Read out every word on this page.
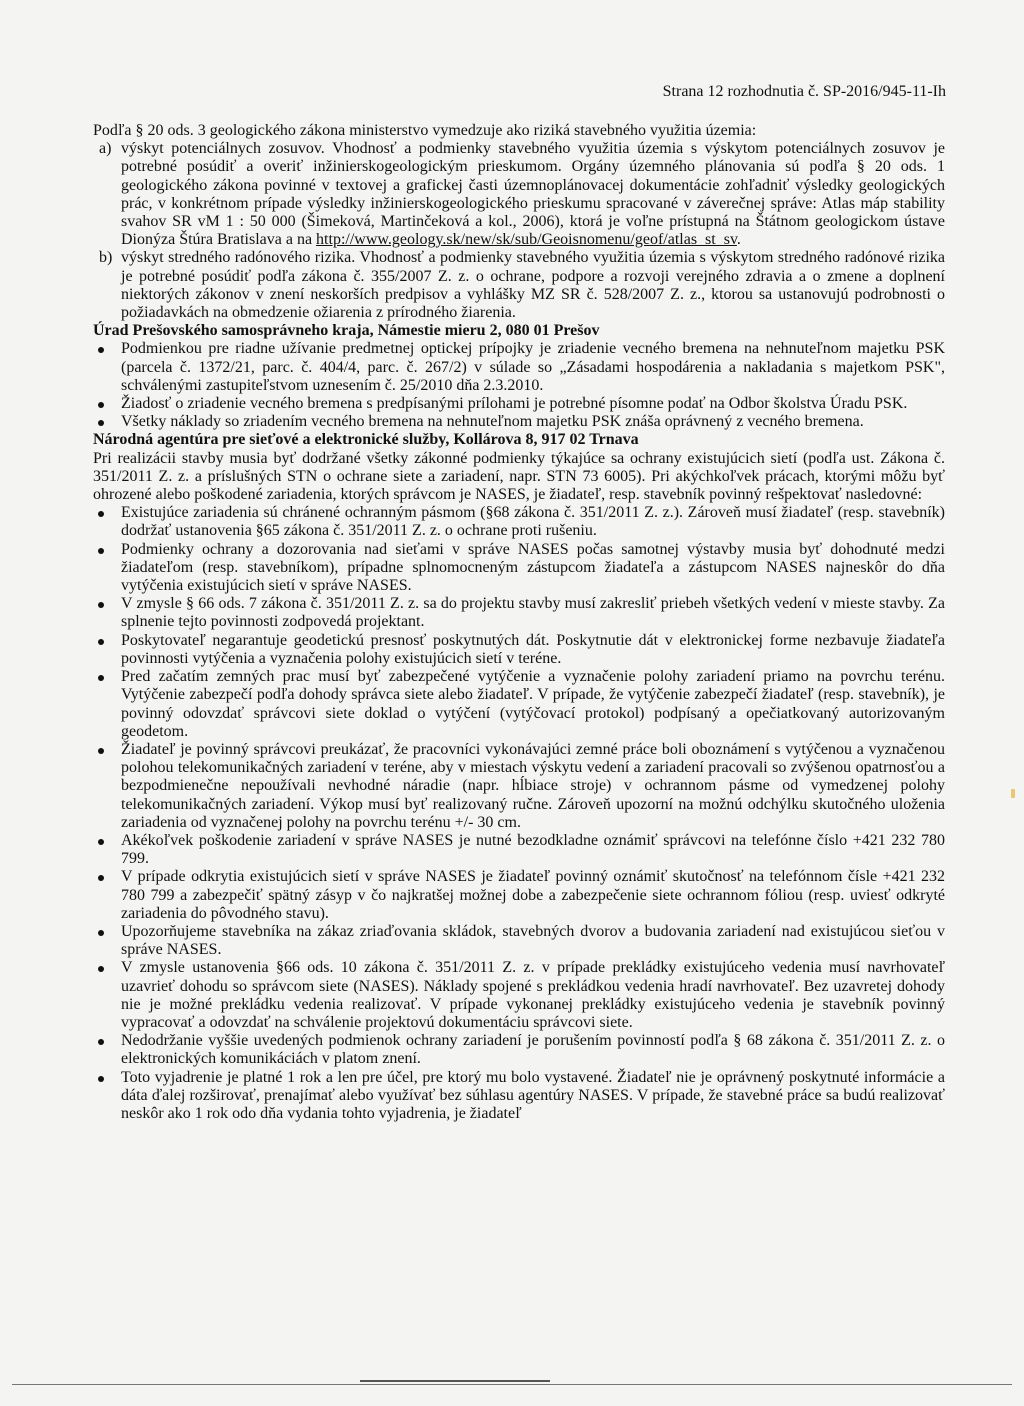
Strana 12 rozhodnutia č. SP-2016/945-11-Ih

Podľa § 20 ods. 3 geologického zákona ministerstvo vymedzuje ako riziká stavebného využitia územia:

a) výskyt potenciálnych zosuvov. Vhodnosť a podmienky stavebného využitia územia s výskytom potenciálnych zosuvov je potrebné posúdiť a overiť inžinierskogeologickým prieskumom. Orgány územného plánovania sú podľa § 20 ods. 1 geologického zákona povinné v textovej a grafickej časti územnoplánovacej dokumentácie zohľadniť výsledky geologických prác, v konkrétnom prípade výsledky inžinierskogeologického prieskumu spracované v záverečnej správe: Atlas máp stability svahov SR vM 1 : 50 000 (Šimeková, Martinčeková a kol., 2006), ktorá je voľne prístupná na Štátnom geologickom ústave Dionýza Štúra Bratislava a na http://www.geology.sk/new/sk/sub/Geoisnomenu/geof/atlas_st_sv.
b) výskyt stredného radónového rizika. Vhodnosť a podmienky stavebného využitia územia s výskytom stredného radónové rizika je potrebné posúdiť podľa zákona č. 355/2007 Z. z. o ochrane, podpore a rozvoji verejného zdravia a o zmene a doplnení niektorých zákonov v znení neskorších predpisov a vyhlášky MZ SR č. 528/2007 Z. z., ktorou sa ustanovujú podrobnosti o požiadavkách na obmedzenie ožiarenia z prírodného žiarenia.

Úrad Prešovského samosprávneho kraja, Námestie mieru 2, 080 01 Prešov

Podmienkou pre riadne užívanie predmetnej optickej prípojky je zriadenie vecného bremena na nehnuteľnom majetku PSK (parcela č. 1372/21, parc. č. 404/4, parc. č. 267/2) v súlade so „Zásadami hospodárenia a nakladania s majetkom PSK", schválenými zastupiteľstvom uznesením č. 25/2010 dňa 2.3.2010.
Žiadosť o zriadenie vecného bremena s predpísanými prílohami je potrebné písomne podať na Odbor školstva Úradu PSK.
Všetky náklady so zriadením vecného bremena na nehnuteľnom majetku PSK znáša oprávnený z vecného bremena.

Národná agentúra pre sieťové a elektronické služby, Kollárova 8, 917 02 Trnava

Pri realizácii stavby musia byť dodržané všetky zákonné podmienky týkajúce sa ochrany existujúcich sietí (podľa ust. Zákona č. 351/2011 Z. z. a príslušných STN o ochrane siete a zariadení, napr. STN 73 6005). Pri akýchkoľvek prácach, ktorými môžu byť ohrozené alebo poškodené zariadenia, ktorých správcom je NASES, je žiadateľ, resp. stavebník povinný rešpektovať nasledovné:

Existujúce zariadenia sú chránené ochranným pásmom (§68 zákona č. 351/2011 Z. z.). Zároveň musí žiadateľ (resp. stavebník) dodržať ustanovenia §65 zákona č. 351/2011 Z. z. o ochrane proti rušeniu.
Podmienky ochrany a dozorovania nad sieťami v správe NASES počas samotnej výstavby musia byť dohodnuté medzi žiadateľom (resp. stavebníkom), prípadne splnomocneným zástupcom žiadateľa a zástupcom NASES najneskôr do dňa vytýčenia existujúcich sietí v správe NASES.
V zmysle § 66 ods. 7 zákona č. 351/2011 Z. z. sa do projektu stavby musí zakresliť priebeh všetkých vedení v mieste stavby. Za splnenie tejto povinnosti zodpovedá projektant.
Poskytovateľ negarantuje geodetickú presnosť poskytnutých dát. Poskytnutie dát v elektronickej forme nezbavuje žiadateľa povinnosti vytýčenia a vyznačenia polohy existujúcich sietí v teréne.
Pred začatím zemných prac musí byť zabezpečené vytýčenie a vyznačenie polohy zariadení priamo na povrchu terénu. Vytýčenie zabezpečí podľa dohody správca siete alebo žiadateľ. V prípade, že vytýčenie zabezpečí žiadateľ (resp. stavebník), je povinný odovzdať správcovi siete doklad o vytýčení (vytýčovací protokol) podpísaný a opečiatkovaný autorizovaným geodetom.
Žiadateľ je povinný správcovi preukázať, že pracovníci vykonávajúci zemné práce boli oboznámení s vytýčenou a vyznačenou polohou telekomunikačných zariadení v teréne, aby v miestach výskytu vedení a zariadení pracovali so zvýšenou opatrnosťou a bezpodmienečne nepoužívali nevhodné náradie (napr. hĺbiace stroje) v ochrannom pásme od vymedzenej polohy telekomunikačných zariadení. Výkop musí byť realizovaný ručne. Zároveň upozorní na možnú odchýlku skutočného uloženia zariadenia od vyznačenej polohy na povrchu terénu +/- 30 cm.
Akékoľvek poškodenie zariadení v správe NASES je nutné bezodkladne oznámiť správcovi na telefónne číslo +421 232 780 799.
V prípade odkrytia existujúcich sietí v správe NASES je žiadateľ povinný oznámiť skutočnosť na telefónnom čísle +421 232 780 799 a zabezpečiť spätný zásyp v čo najkratšej možnej dobe a zabezpečenie siete ochrannom fóliou (resp. uviesť odkryté zariadenia do pôvodného stavu).
Upozorňujeme stavebníka na zákaz zriaďovania skládok, stavebných dvorov a budovania zariadení nad existujúcou sieťou v správe NASES.
V zmysle ustanovenia §66 ods. 10 zákona č. 351/2011 Z. z. v prípade prekládky existujúceho vedenia musí navrhovateľ uzavrieť dohodu so správcom siete (NASES). Náklady spojené s prekládkou vedenia hradí navrhovateľ. Bez uzavretej dohody nie je možné prekládku vedenia realizovať. V prípade vykonanej prekládky existujúceho vedenia je stavebník povinný vypracovať a odovzdať na schválenie projektovú dokumentáciu správcovi siete.
Nedodržanie vyššie uvedených podmienok ochrany zariadení je porušením povinností podľa § 68 zákona č. 351/2011 Z. z. o elektronických komunikáciách v platom znení.
Toto vyjadrenie je platné 1 rok a len pre účel, pre ktorý mu bolo vystavené. Žiadateľ nie je oprávnený poskytnuté informácie a dáta ďalej rozširovať, prenajímať alebo využívať bez súhlasu agentúry NASES. V prípade, že stavebné práce sa budú realizovať neskôr ako 1 rok odo dňa vydania tohto vyjadrenia, je žiadateľ
